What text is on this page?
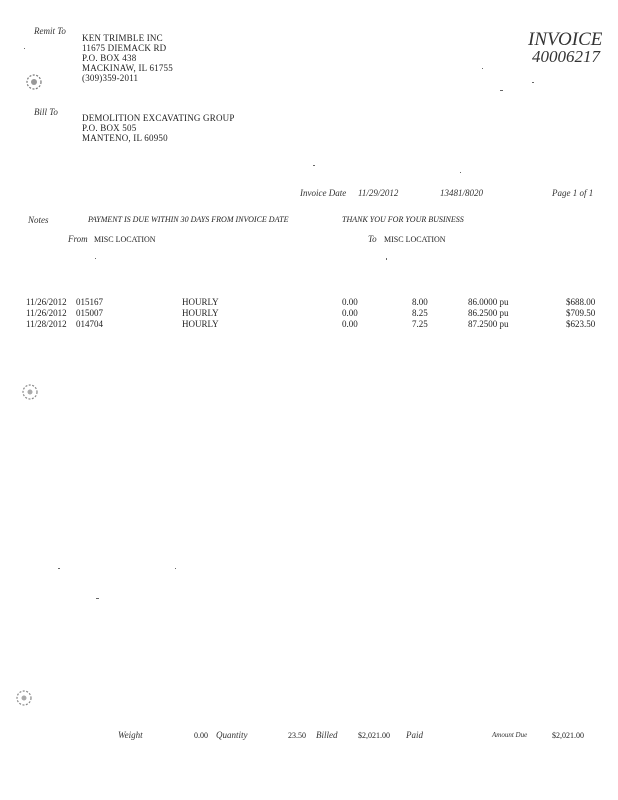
Remit To
KEN TRIMBLE INC
11675 DIEMACK RD
P.O. BOX 438
MACKINAW, IL 61755
(309)359-2011
INVOICE
40006217
Bill To
DEMOLITION EXCAVATING GROUP
P.O. BOX 505
MANTENO, IL 60950
Invoice Date 11/29/2012	13481/8020	Page 1 of 1
Notes	PAYMENT IS DUE WITHIN 30 DAYS FROM INVOICE DATE	THANK YOU FOR YOUR BUSINESS
From MISC LOCATION	To MISC LOCATION
11/26/2012 015167	HOURLY	0.00	8.00	86.0000 pu	$688.00
11/26/2012 015007	HOURLY	0.00	8.25	86.2500 pu	$709.50
11/28/2012 014704	HOURLY	0.00	7.25	87.2500 pu	$623.50
Weight	0.00 Quantity	23.50 Billed	$2,021.00 Paid	Amount Due	$2,021.00
